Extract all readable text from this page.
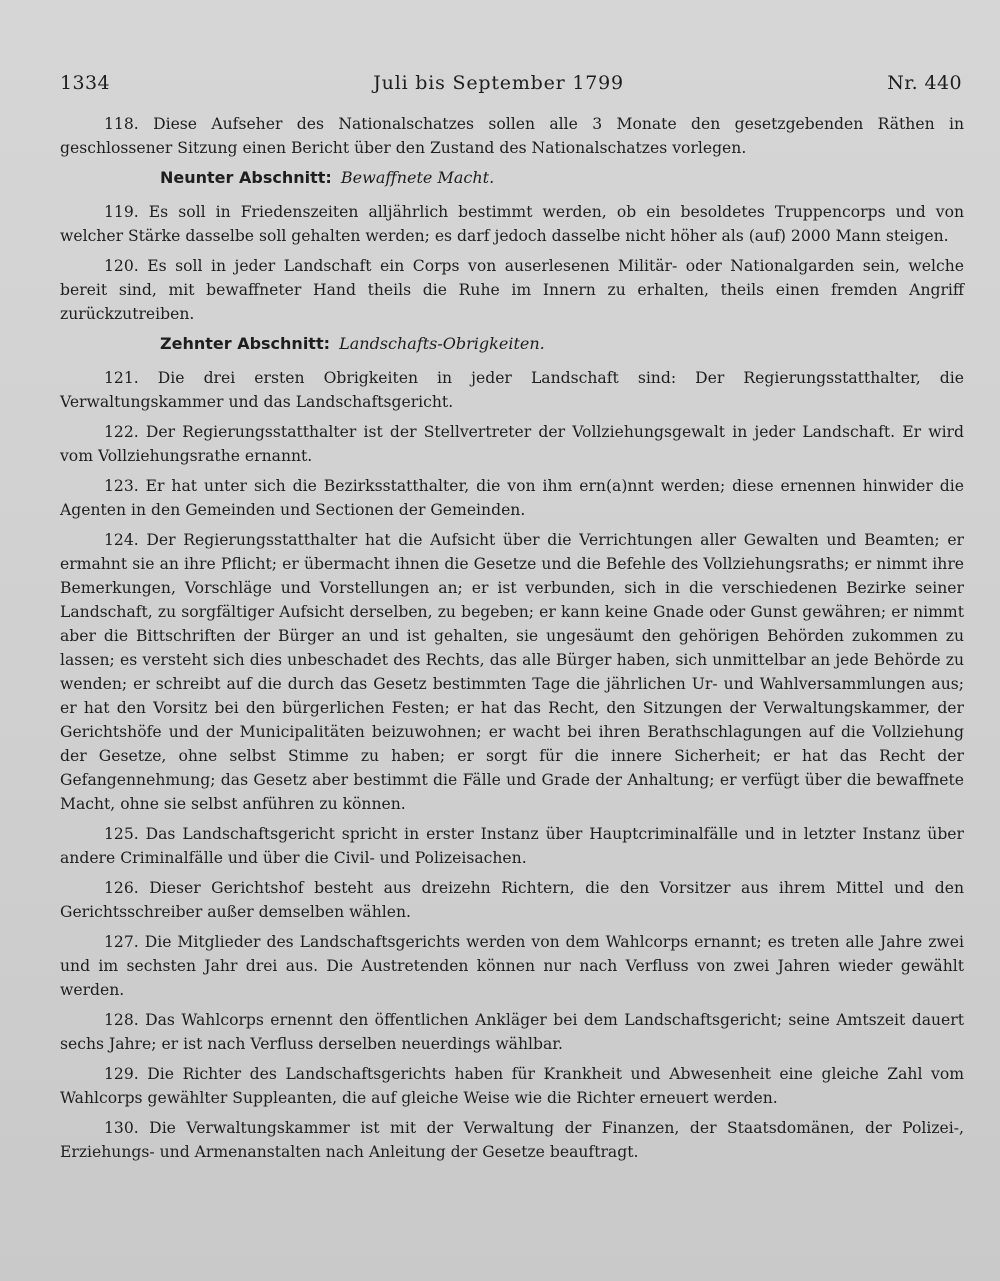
1334	Juli bis September 1799	Nr. 440

118. Diese Aufseher des Nationalschatzes sollen alle 3 Monate den gesetzgebenden Räthen in geschlossener Sitzung einen Bericht über den Zustand des Nationalschatzes vorlegen.

Neunter Abschnitt: Bewaffnete Macht.

119. Es soll in Friedenszeiten alljährlich bestimmt werden, ob ein besoldetes Truppencorps und von welcher Stärke dasselbe soll gehalten werden; es darf jedoch dasselbe nicht höher als (auf) 2000 Mann steigen.

120. Es soll in jeder Landschaft ein Corps von auserlesenen Militär- oder Nationalgarden sein, welche bereit sind, mit bewaffneter Hand theils die Ruhe im Innern zu erhalten, theils einen fremden Angriff zurückzutreiben.

Zehnter Abschnitt: Landschafts-Obrigkeiten.

121. Die drei ersten Obrigkeiten in jeder Landschaft sind: Der Regierungsstatthalter, die Verwaltungskammer und das Landschaftsgericht.

122. Der Regierungsstatthalter ist der Stellvertreter der Vollziehungsgewalt in jeder Landschaft. Er wird vom Vollziehungsrathe ernannt.

123. Er hat unter sich die Bezirksstatthalter, die von ihm ern(a)nnt werden; diese ernennen hinwider die Agenten in den Gemeinden und Sectionen der Gemeinden.

124. Der Regierungsstatthalter hat die Aufsicht über die Verrichtungen aller Gewalten und Beamten; er ermahnt sie an ihre Pflicht; er übermacht ihnen die Gesetze und die Befehle des Vollziehungsraths; er nimmt ihre Bemerkungen, Vorschläge und Vorstellungen an; er ist verbunden, sich in die verschiedenen Bezirke seiner Landschaft, zu sorgfältiger Aufsicht derselben, zu begeben; er kann keine Gnade oder Gunst gewähren; er nimmt aber die Bittschriften der Bürger an und ist gehalten, sie ungesäumt den gehörigen Behörden zukommen zu lassen; es versteht sich dies unbeschadet des Rechts, das alle Bürger haben, sich unmittelbar an jede Behörde zu wenden; er schreibt auf die durch das Gesetz bestimmten Tage die jährlichen Ur- und Wahlversammlungen aus; er hat den Vorsitz bei den bürgerlichen Festen; er hat das Recht, den Sitzungen der Verwaltungskammer, der Gerichtshöfe und der Municipalitäten beizuwohnen; er wacht bei ihren Berathschlagungen auf die Vollziehung der Gesetze, ohne selbst Stimme zu haben; er sorgt für die innere Sicherheit; er hat das Recht der Gefangennehmung; das Gesetz aber bestimmt die Fälle und Grade der Anhaltung; er verfügt über die bewaffnete Macht, ohne sie selbst anführen zu können.

125. Das Landschaftsgericht spricht in erster Instanz über Hauptcriminalfälle und in letzter Instanz über andere Criminalfälle und über die Civil- und Polizeisachen.

126. Dieser Gerichtshof besteht aus dreizehn Richtern, die den Vorsitzer aus ihrem Mittel und den Gerichtsschreiber außer demselben wählen.

127. Die Mitglieder des Landschaftsgerichts werden von dem Wahlcorps ernannt; es treten alle Jahre zwei und im sechsten Jahr drei aus. Die Austretenden können nur nach Verfluss von zwei Jahren wieder gewählt werden.

128. Das Wahlcorps ernennt den öffentlichen Ankläger bei dem Landschaftsgericht; seine Amtszeit dauert sechs Jahre; er ist nach Verfluss derselben neuerdings wählbar.

129. Die Richter des Landschaftsgerichts haben für Krankheit und Abwesenheit eine gleiche Zahl vom Wahlcorps gewählter Suppleanten, die auf gleiche Weise wie die Richter erneuert werden.

130. Die Verwaltungskammer ist mit der Verwaltung der Finanzen, der Staatsdomänen, der Polizei-, Erziehungs- und Armenanstalten nach Anleitung der Gesetze beauftragt.
